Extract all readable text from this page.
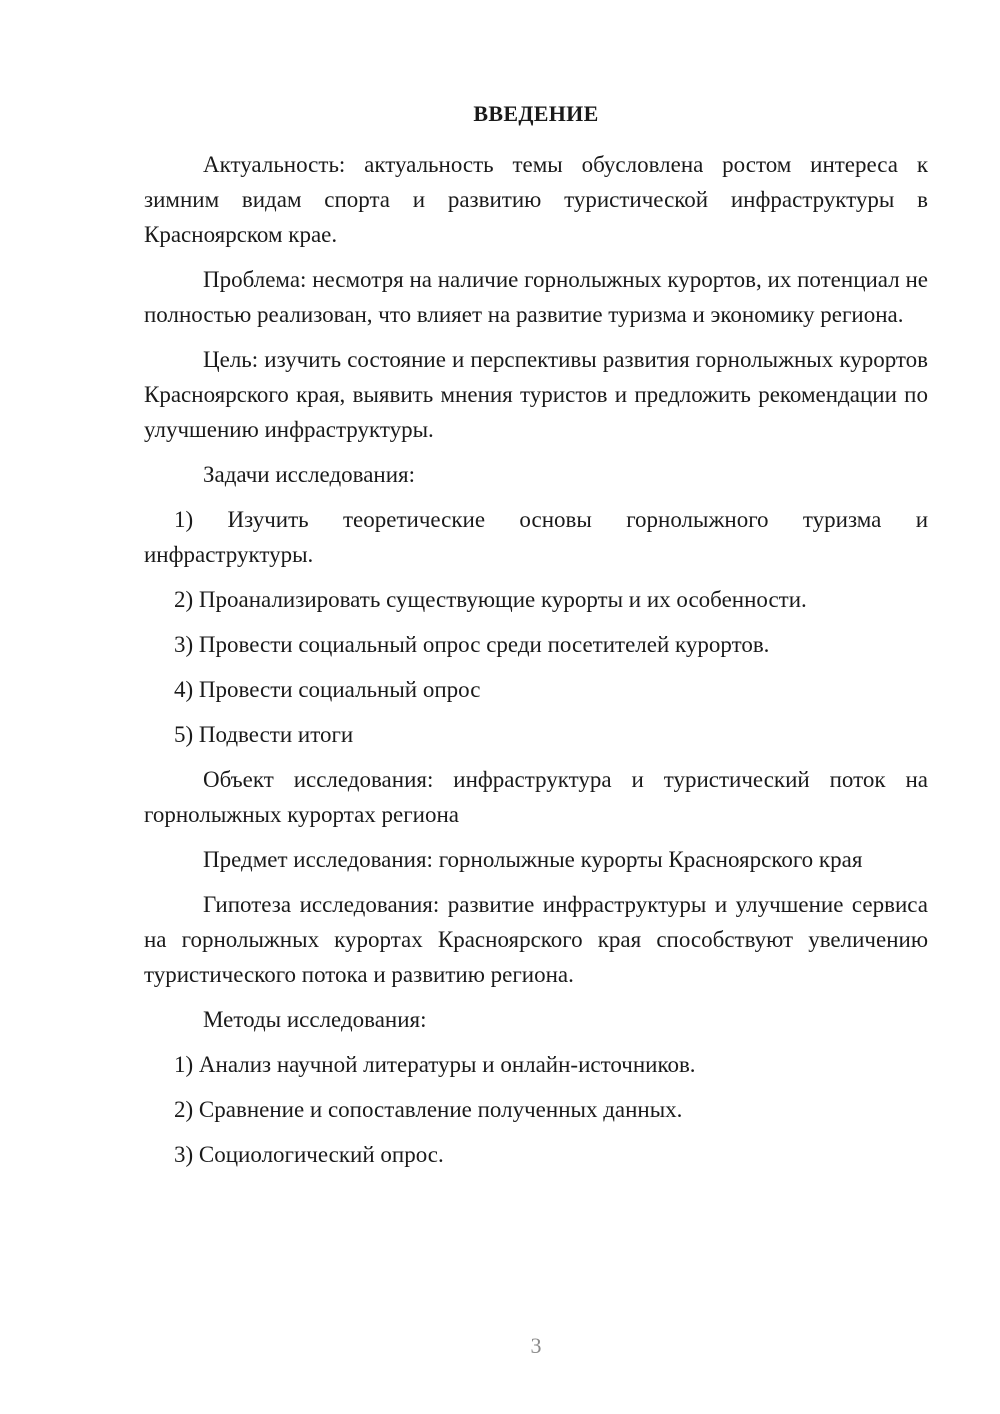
ВВЕДЕНИЕ

Актуальность: актуальность темы обусловлена ростом интереса к зимним видам спорта и развитию туристической инфраструктуры в Красноярском крае.

Проблема: несмотря на наличие горнолыжных курортов, их потенциал не полностью реализован, что влияет на развитие туризма и экономику региона.

Цель: изучить состояние и перспективы развития горнолыжных курортов Красноярского края, выявить мнения туристов и предложить рекомендации по улучшению инфраструктуры.

Задачи исследования:

1) Изучить теоретические основы горнолыжного туризма и инфраструктуры.

2) Проанализировать существующие курорты и их особенности.

3) Провести социальный опрос среди посетителей курортов.

4) Провести социальный опрос

5) Подвести итоги

Объект исследования: инфраструктура и туристический поток на горнолыжных курортах региона

Предмет исследования: горнолыжные курорты Красноярского края

Гипотеза исследования: развитие инфраструктуры и улучшение сервиса на горнолыжных курортах Красноярского края способствуют увеличению туристического потока и развитию региона.

Методы исследования:

1) Анализ научной литературы и онлайн-источников.

2) Сравнение и сопоставление полученных данных.

3) Социологический опрос.

3
